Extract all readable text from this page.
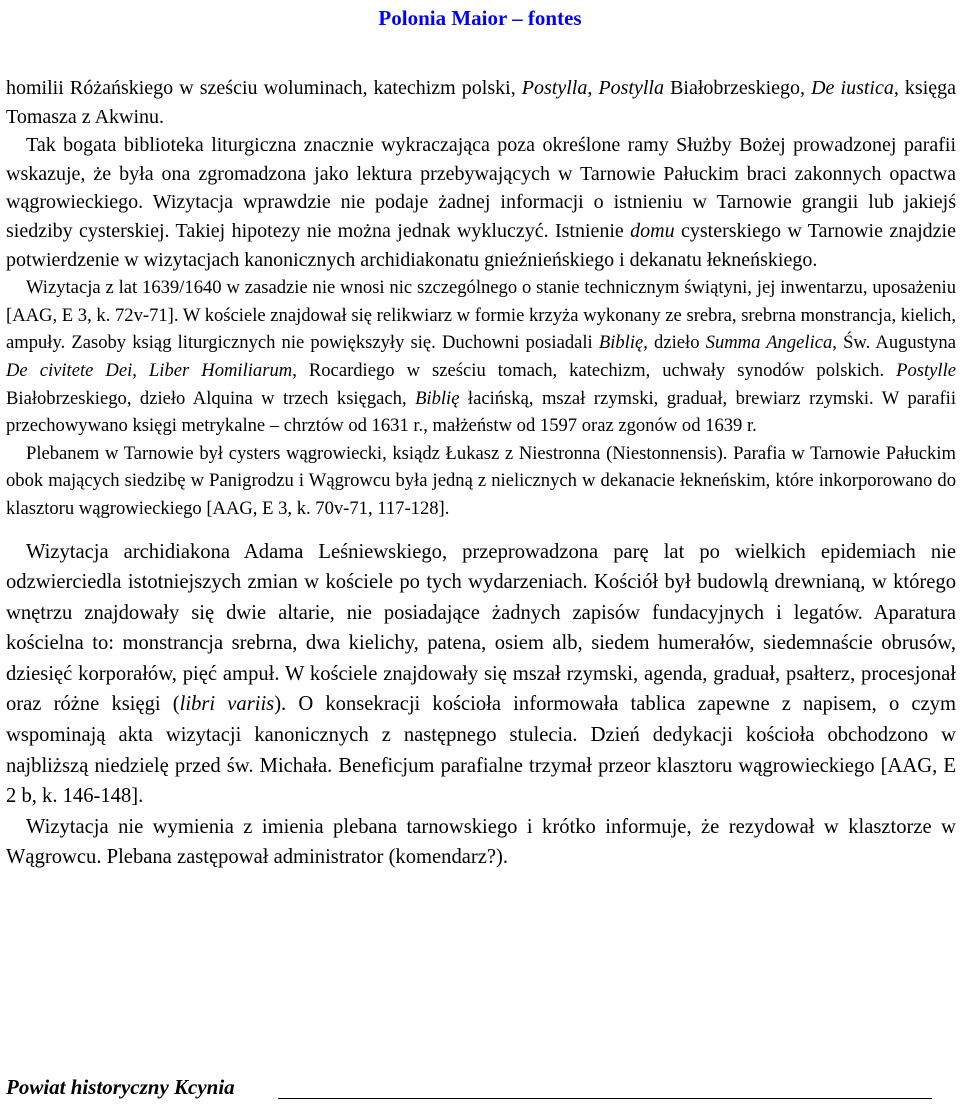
Polonia Maior – fontes

homilii Różańskiego w sześciu woluminach, katechizm polski, Postylla, Postylla Białobrzeskiego, De iustica, księga Tomasza z Akwinu.

Tak bogata biblioteka liturgiczna znacznie wykraczająca poza określone ramy Służby Bożej prowadzonej parafii wskazuje, że była ona zgromadzona jako lektura przebywających w Tarnowie Pałuckim braci zakonnych opactwa wągrowieckiego. Wizytacja wprawdzie nie podaje żadnej informacji o istnieniu w Tarnowie grangii lub jakiejś siedziby cysterskiej. Takiej hipotezy nie można jednak wykluczyć. Istnienie domu cysterskiego w Tarnowie znajdzie potwierdzenie w wizytacjach kanonicznych archidiakonatu gnieźnieńskiego i dekanatu łekneńskiego.

Wizytacja z lat 1639/1640 w zasadzie nie wnosi nic szczególnego o stanie technicznym świątyni, jej inwentarzu, uposażeniu [AAG, E 3, k. 72v-71]. W kościele znajdował się relikwiarz w formie krzyża wykonany ze srebra, srebrna monstrancja, kielich, ampuły. Zasoby ksiąg liturgicznych nie powiększyły się. Duchowni posiadali Biblię, dzieło Summa Angelica, Św. Augustyna De civitete Dei, Liber Homiliarum, Rocardiego w sześciu tomach, katechizm, uchwały synodów polskich. Postylle Białobrzeskiego, dzieło Alquina w trzech księgach, Biblię łacińską, mszał rzymski, graduał, brewiarz rzymski. W parafii przechowywano księgi metrykalne – chrztów od 1631 r., małżeństw od 1597 oraz zgonów od 1639 r.

Plebanem w Tarnowie był cysters wągrowiecki, ksiądz Łukasz z Niestronna (Niestonnensis). Parafia w Tarnowie Pałuckim obok mających siedzibę w Panigrodzu i Wągrowcu była jedną z nielicznych w dekanacie łekneńskim, które inkorporowano do klasztoru wągrowieckiego [AAG, E 3, k. 70v-71, 117-128].

Wizytacja archidiakona Adama Leśniewskiego, przeprowadzona parę lat po wielkich epidemiach nie odzwierciedla istotniejszych zmian w kościele po tych wydarzeniach. Kościół był budowlą drewnianą, w którego wnętrzu znajdowały się dwie altarie, nie posiadające żadnych zapisów fundacyjnych i legatów. Aparatura kościelna to: monstrancja srebrna, dwa kielichy, patena, osiem alb, siedem humerałów, siedemnaście obrusów, dziesięć korporałów, pięć ampuł. W kościele znajdowały się mszał rzymski, agenda, graduał, psałterz, procesjonał oraz różne księgi (libri variis). O konsekracji kościoła informowała tablica zapewne z napisem, o czym wspominają akta wizytacji kanonicznych z następnego stulecia. Dzień dedykacji kościoła obchodzono w najbliższą niedzielę przed św. Michała. Beneficjum parafialne trzymał przeor klasztoru wągrowieckiego [AAG, E 2 b, k. 146-148].

Wizytacja nie wymienia z imienia plebana tarnowskiego i krótko informuje, że rezydował w klasztorze w Wągrowcu. Plebana zastępował administrator (komendarz?).

Powiat historyczny Kcynia
